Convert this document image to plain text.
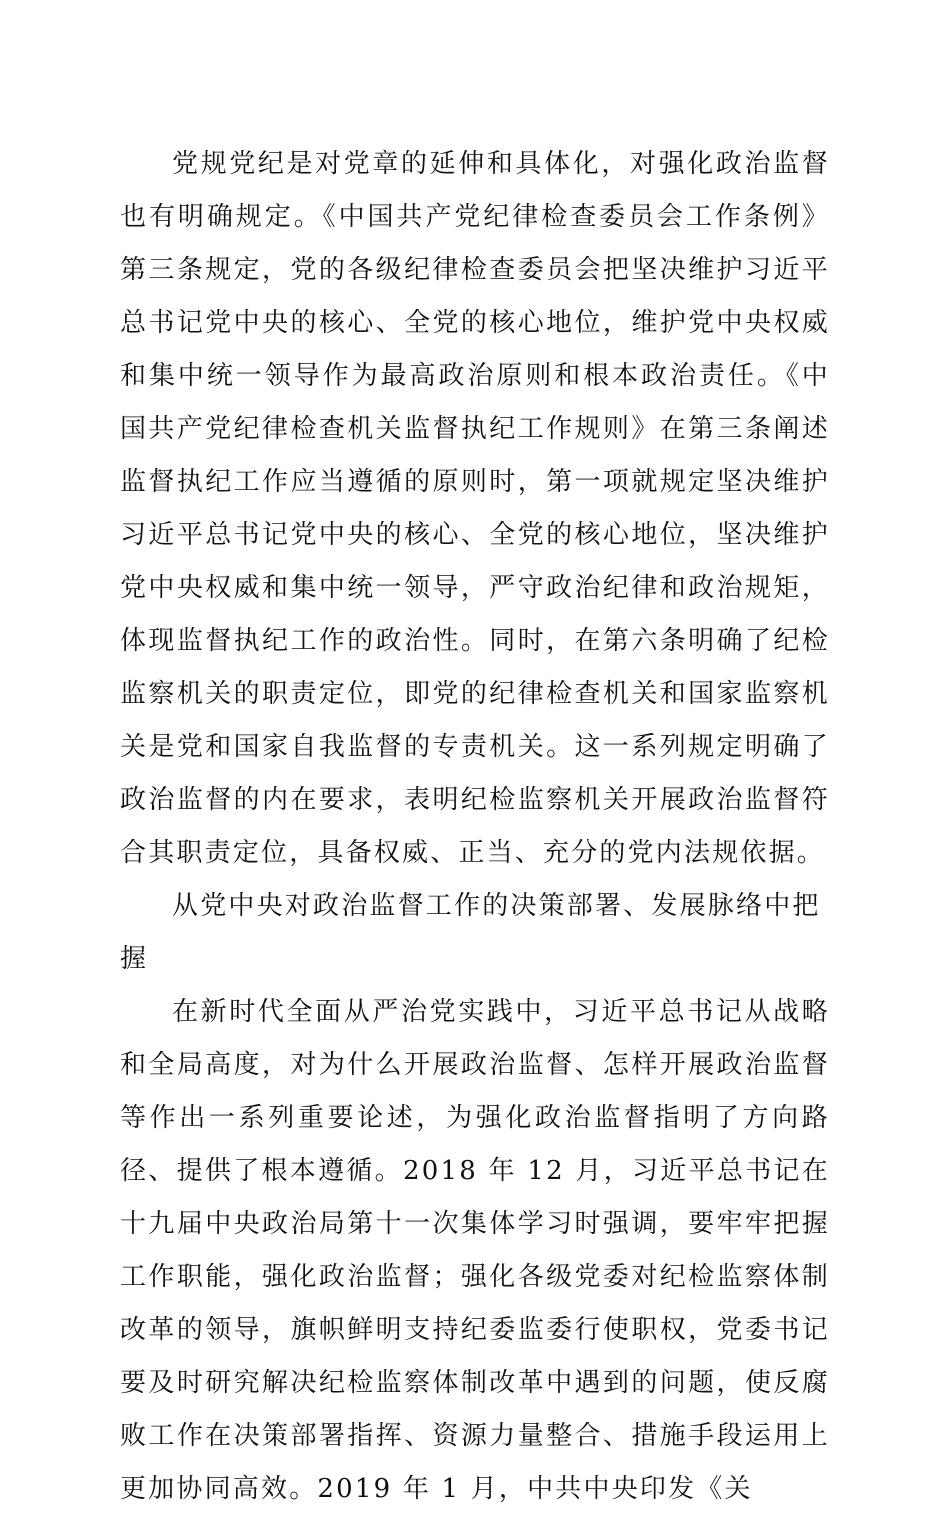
党规党纪是对党章的延伸和具体化，对强化政治监督也有明确规定。《中国共产党纪律检查委员会工作条例》第三条规定，党的各级纪律检查委员会把坚决维护习近平总书记党中央的核心、全党的核心地位，维护党中央权威和集中统一领导作为最高政治原则和根本政治责任。《中国共产党纪律检查机关监督执纪工作规则》在第三条阐述监督执纪工作应当遵循的原则时，第一项就规定坚决维护习近平总书记党中央的核心、全党的核心地位，坚决维护党中央权威和集中统一领导，严守政治纪律和政治规矩，体现监督执纪工作的政治性。同时，在第六条明确了纪检监察机关的职责定位，即党的纪律检查机关和国家监察机关是党和国家自我监督的专责机关。这一系列规定明确了政治监督的内在要求，表明纪检监察机关开展政治监督符合其职责定位，具备权威、正当、充分的党内法规依据。

从党中央对政治监督工作的决策部署、发展脉络中把握

在新时代全面从严治党实践中，习近平总书记从战略和全局高度，对为什么开展政治监督、怎样开展政治监督等作出一系列重要论述，为强化政治监督指明了方向路径、提供了根本遵循。2018 年 12 月，习近平总书记在十九届中央政治局第十一次集体学习时强调，要牢牢把握工作职能，强化政治监督；强化各级党委对纪检监察体制改革的领导，旗帜鲜明支持纪委监委行使职权，党委书记要及时研究解决纪检监察体制改革中遇到的问题，使反腐败工作在决策部署指挥、资源力量整合、措施手段运用上更加协同高效。2019 年 1 月，中共中央印发《关
